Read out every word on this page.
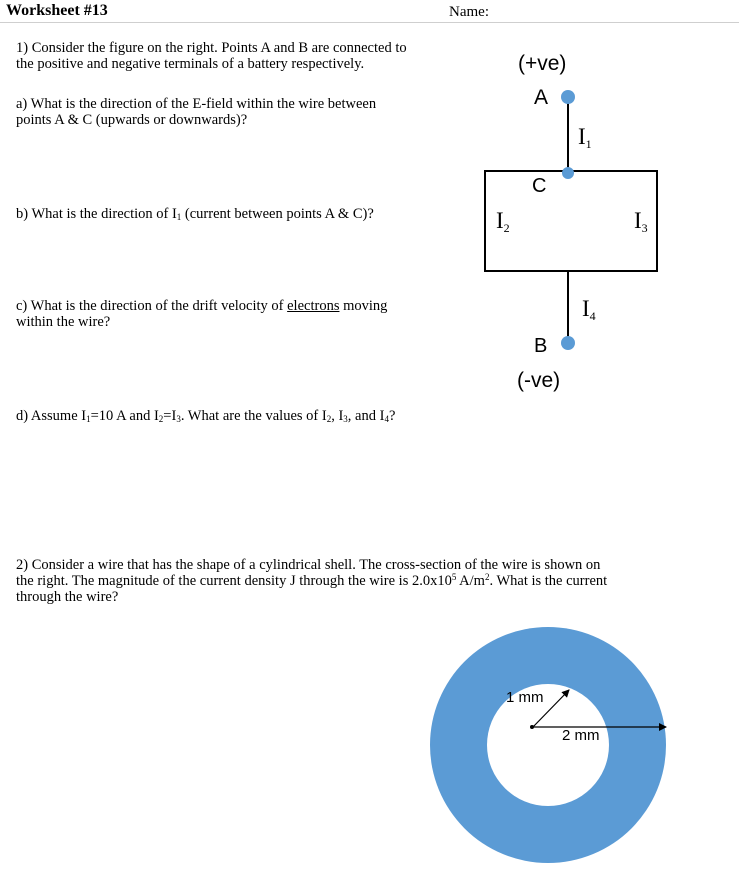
Worksheet #13	Name:
1) Consider the figure on the right. Points A and B are connected to
the positive and negative terminals of a battery respectively.
a) What is the direction of the E-field within the wire between
points A & C (upwards or downwards)?
b) What is the direction of $I_1$ (current between points A & C)?
c) What is the direction of the drift velocity of electrons moving
within the wire?
d) Assume $I_1=10$ A and $I_2=I_3$. What are the values of $I_2$, $I_3$, and $I_4$?
(+ve)
A
C
B
(-ve)
$I_1$
$I_2$	$I_3$
$I_4$
2) Consider a wire that has the shape of a cylindrical shell. The cross-section of the wire is shown on
the right. The magnitude of the current density J through the wire is $2.0x10^5$ $A/m^2$. What is the current
through the wire?
1 mm
2 mm
